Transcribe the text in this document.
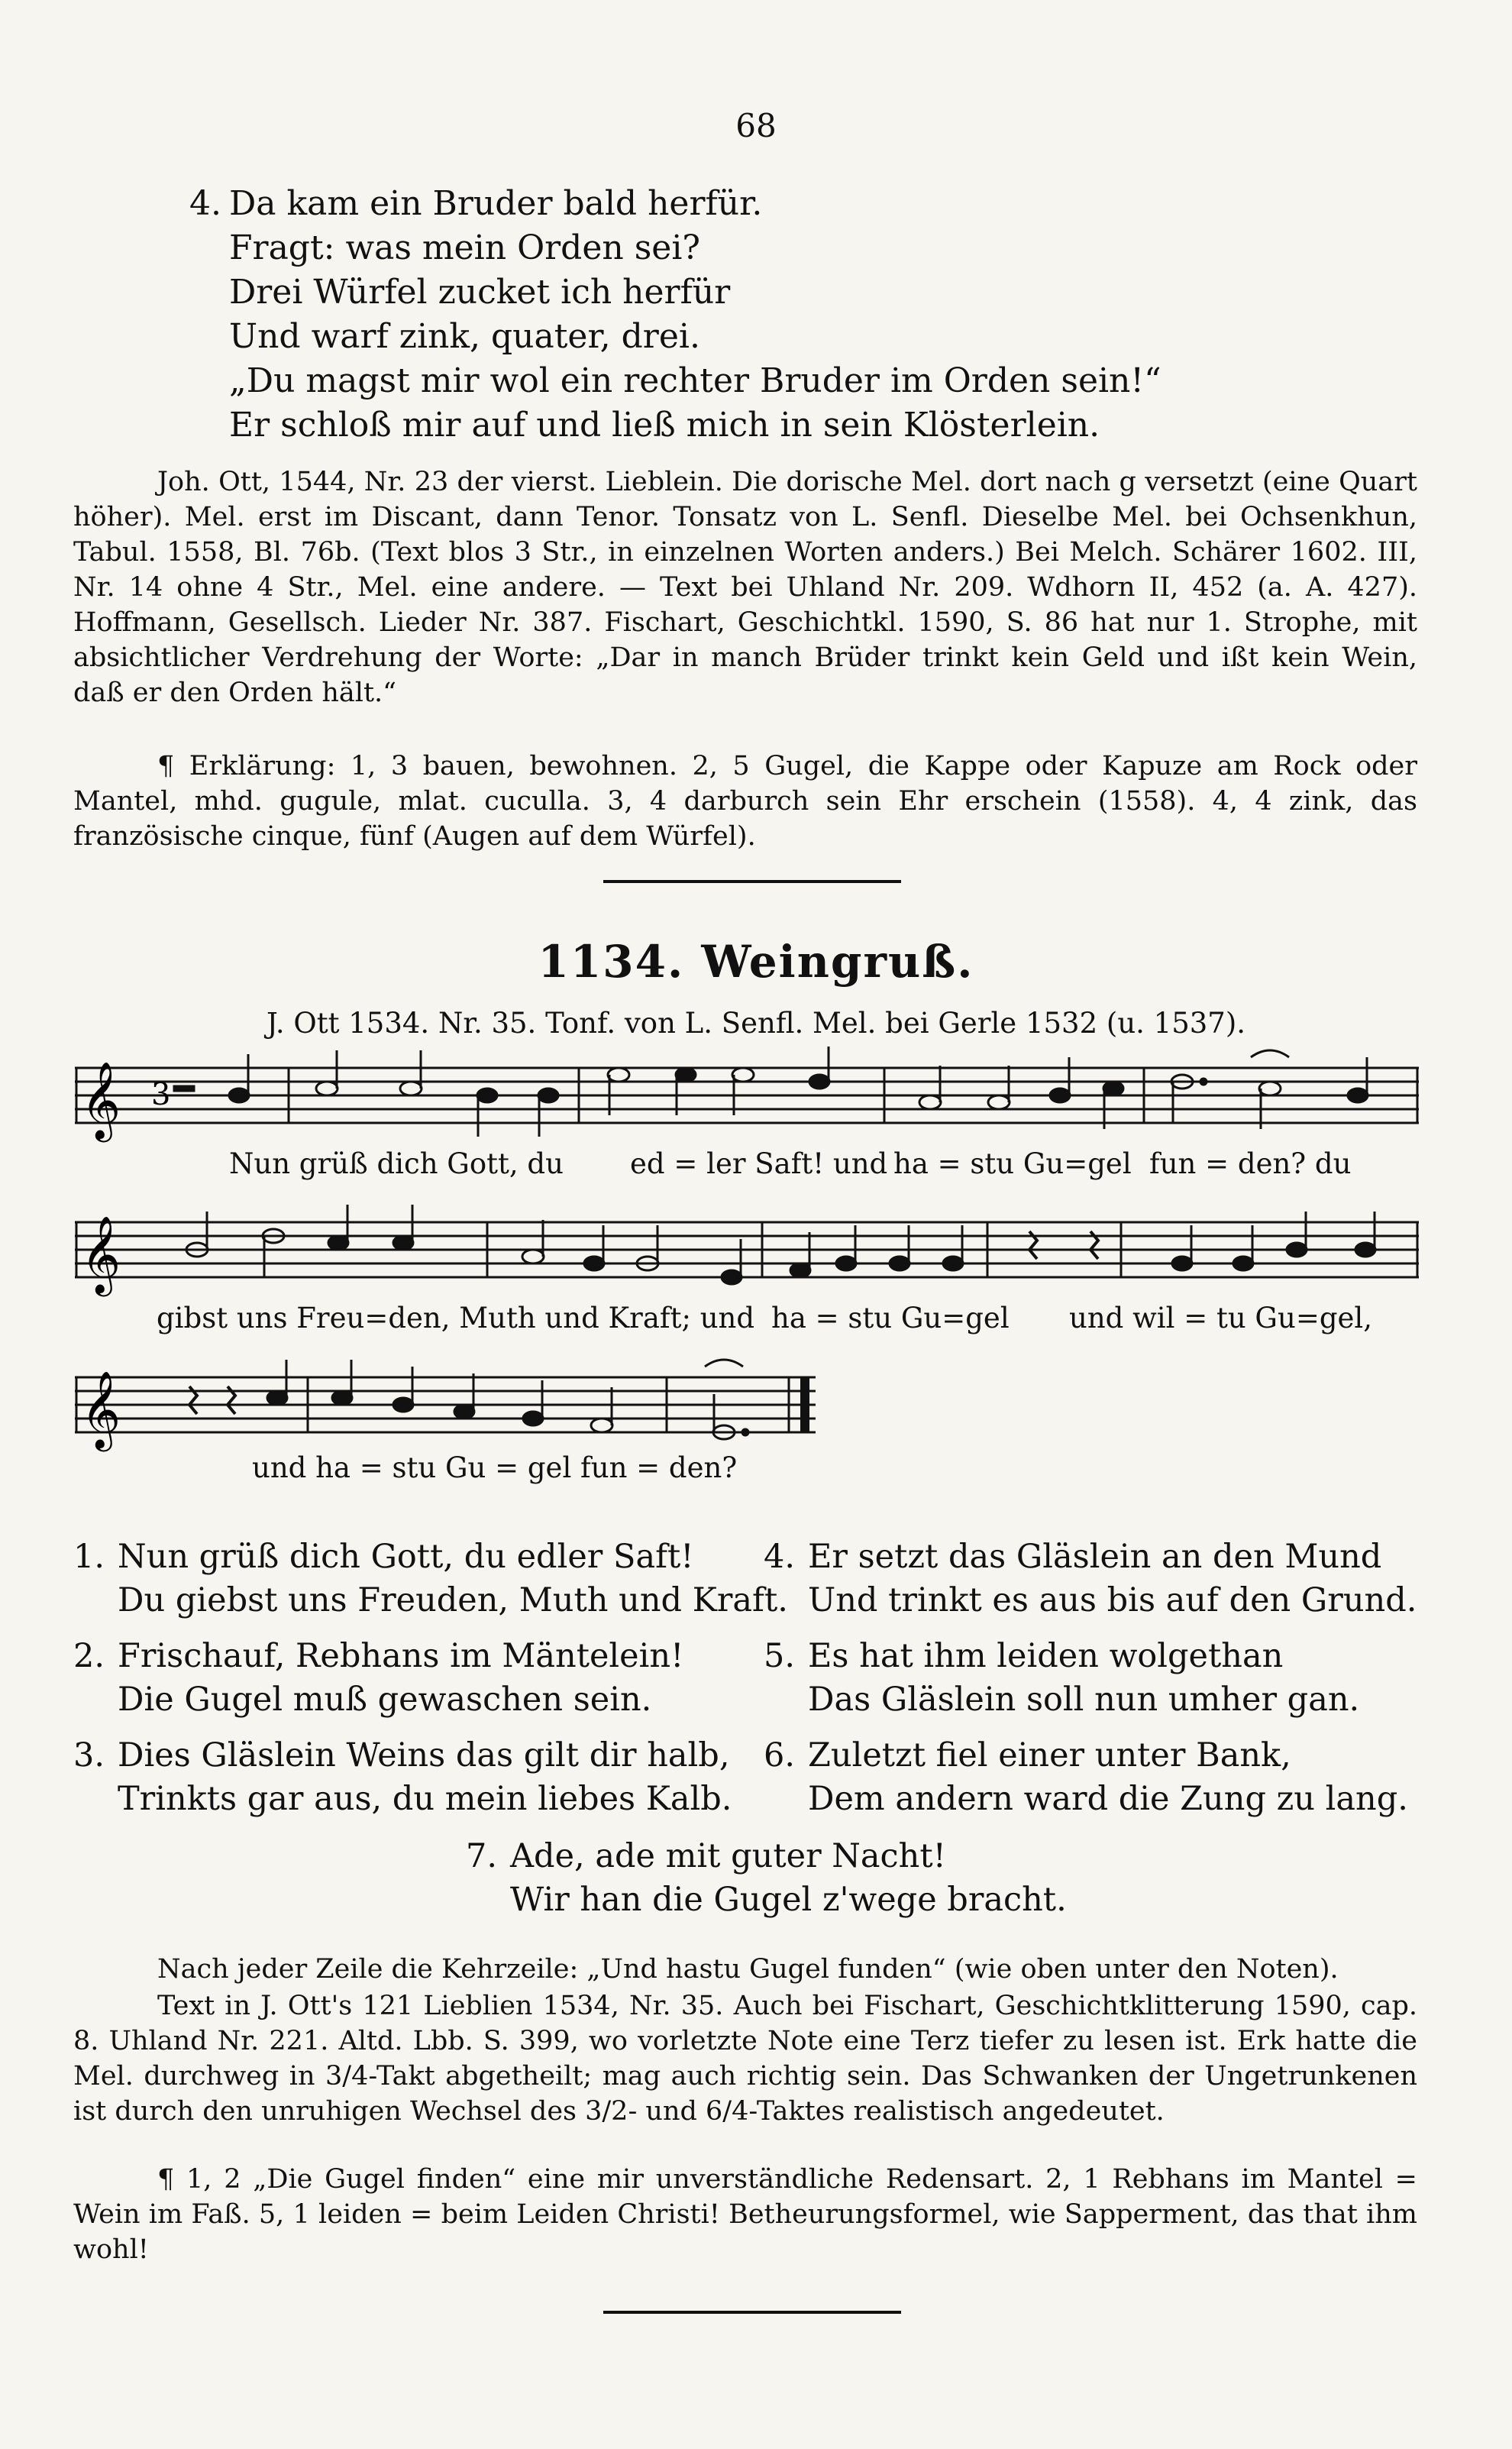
68
4. Da kam ein Bruder bald herfür.
Fragt: was mein Orden sei?
Drei Würfel zucket ich herfür
Und warf zink, quater, drei.
„Du magst mir wol ein rechter Bruder im Orden sein!“
Er schloß mir auf und ließ mich in sein Klösterlein.

Joh. Ott, 1544, Nr. 23 der vierst. Lieblein. Die dorische Mel. dort nach g versetzt (eine Quart höher). Mel. erst im Discant, dann Tenor. Tonsatz von L. Senfl. Dieselbe Mel. bei Ochsenkhun, Tabul. 1558, Bl. 76b. (Text blos 3 Str., in einzelnen Worten anders.) Bei Melch. Schärer 1602. III, Nr. 14 ohne 4 Str., Mel. eine andere. — Text bei Uhland Nr. 209. Wdhorn II, 452 (a. A. 427). Hoffmann, Gesellsch. Lieder Nr. 387. Fischart, Geschichtkl. 1590, S. 86 hat nur 1. Strophe, mit absichtlicher Verdrehung der Worte: „Dar in manch Brüder trinkt kein Geld und ißt kein Wein, daß er den Orden hält.“

¶ Erklärung: 1, 3 bauen, bewohnen. 2, 5 Gugel, die Kappe oder Kapuze am Rock oder Mantel, mhd. gugule, mlat. cuculla. 3, 4 darburch sein Ehr erschein (1558). 4, 4 zink, das französische cinque, fünf (Augen auf dem Würfel).

1134. Weingruß.
J. Ott 1534. Nr. 35. Tonf. von L. Senfl. Mel. bei Gerle 1532 (u. 1537).
𝄞 3
Nun grüß dich Gott, du ed = ler Saft! und ha = stu Gu=gel fun = den? du
𝄞
gibst uns Freu=den, Muth und Kraft; und ha = stu Gu=gel und wil = tu Gu=gel,
𝄞
und ha = stu Gu = gel fun = den?
1. Nun grüß dich Gott, du edler Saft!
Du giebst uns Freuden, Muth und Kraft.
2. Frischauf, Rebhans im Mäntelein!
Die Gugel muß gewaschen sein.
3. Dies Gläslein Weins das gilt dir halb,
Trinkts gar aus, du mein liebes Kalb.
4. Er setzt das Gläslein an den Mund
Und trinkt es aus bis auf den Grund.
5. Es hat ihm leiden wolgethan
Das Gläslein soll nun umher gan.
6. Zuletzt fiel einer unter Bank,
Dem andern ward die Zung zu lang.
7. Ade, ade mit guter Nacht!
Wir han die Gugel z'wege bracht.

Nach jeder Zeile die Kehrzeile: „Und hastu Gugel funden“ (wie oben unter den Noten).

Text in J. Ott's 121 Lieblien 1534, Nr. 35. Auch bei Fischart, Geschichtklitterung 1590, cap. 8. Uhland Nr. 221. Altd. Lbb. S. 399, wo vorletzte Note eine Terz tiefer zu lesen ist. Erk hatte die Mel. durchweg in 3/4-Takt abgetheilt; mag auch richtig sein. Das Schwanken der Ungetrunkenen ist durch den unruhigen Wechsel des 3/2- und 6/4-Taktes realistisch angedeutet.

¶ 1, 2 „Die Gugel finden“ eine mir unverständliche Redensart. 2, 1 Rebhans im Mantel = Wein im Faß. 5, 1 leiden = beim Leiden Christi! Betheurungsformel, wie Sapperment, das that ihm wohl!
